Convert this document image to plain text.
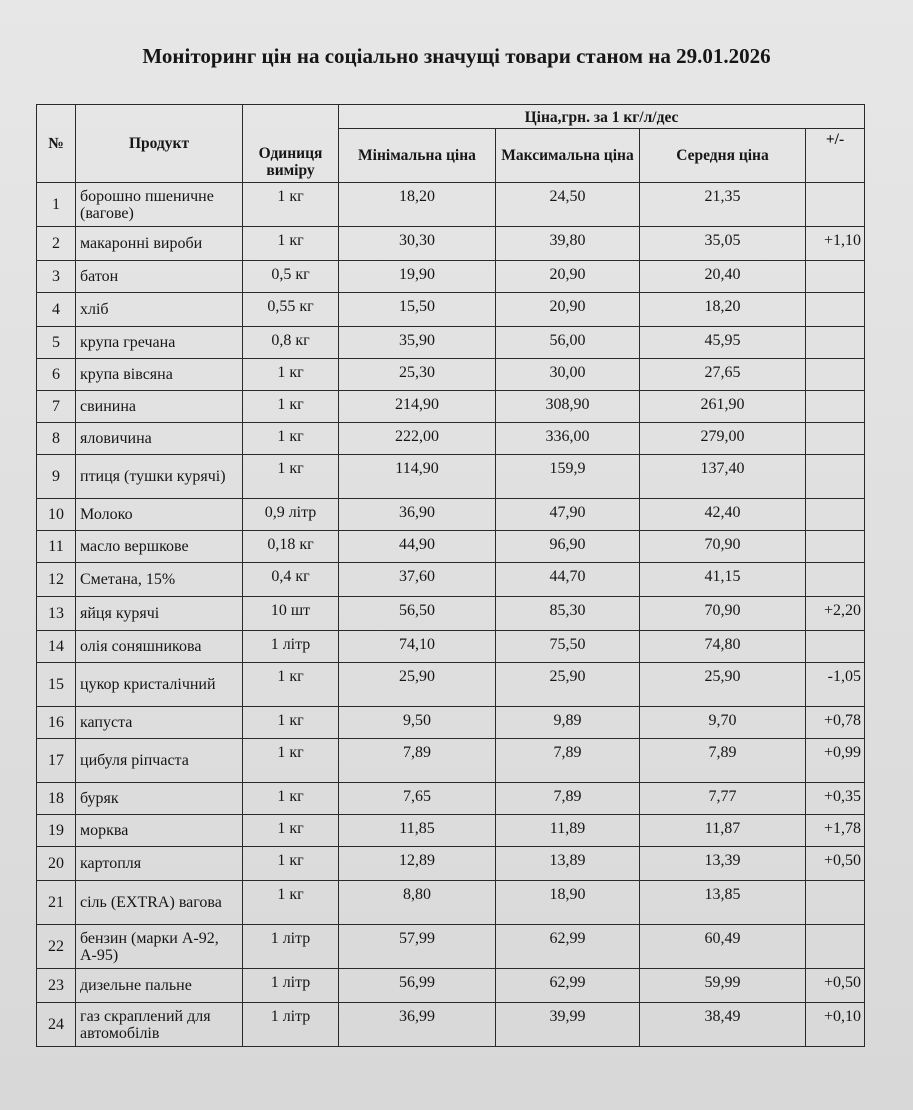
Моніторинг цін на соціально значущі товари станом на 29.01.2026
№	Продукт	Одиниця виміру	Ціна,грн. за 1 кг/л/дес			
			Мінімальна ціна	Максимальна ціна	Середня ціна	+/-
1	борошно пшеничне (вагове)	1 кг	18,20	24,50	21,35	
2	макаронні вироби	1 кг	30,30	39,80	35,05	+1,10
3	батон	0,5 кг	19,90	20,90	20,40	
4	хліб	0,55 кг	15,50	20,90	18,20	
5	крупа гречана	0,8 кг	35,90	56,00	45,95	
6	крупа вівсяна	1 кг	25,30	30,00	27,65	
7	свинина	1 кг	214,90	308,90	261,90	
8	яловичина	1 кг	222,00	336,00	279,00	
9	птиця (тушки курячі)	1 кг	114,90	159,9	137,40	
10	Молоко	0,9 літр	36,90	47,90	42,40	
11	масло вершкове	0,18 кг	44,90	96,90	70,90	
12	Сметана, 15%	0,4 кг	37,60	44,70	41,15	
13	яйця курячі	10 шт	56,50	85,30	70,90	+2,20
14	олія соняшникова	1 літр	74,10	75,50	74,80	
15	цукор кристалічний	1 кг	25,90	25,90	25,90	-1,05
16	капуста	1 кг	9,50	9,89	9,70	+0,78
17	цибуля ріпчаста	1 кг	7,89	7,89	7,89	+0,99
18	буряк	1 кг	7,65	7,89	7,77	+0,35
19	морква	1 кг	11,85	11,89	11,87	+1,78
20	картопля	1 кг	12,89	13,89	13,39	+0,50
21	сіль (EXTRA) вагова	1 кг	8,80	18,90	13,85	
22	бензин (марки А-92, А-95)	1 літр	57,99	62,99	60,49	
23	дизельне пальне	1 літр	56,99	62,99	59,99	+0,50
24	газ скраплений для автомобілів	1 літр	36,99	39,99	38,49	+0,10
